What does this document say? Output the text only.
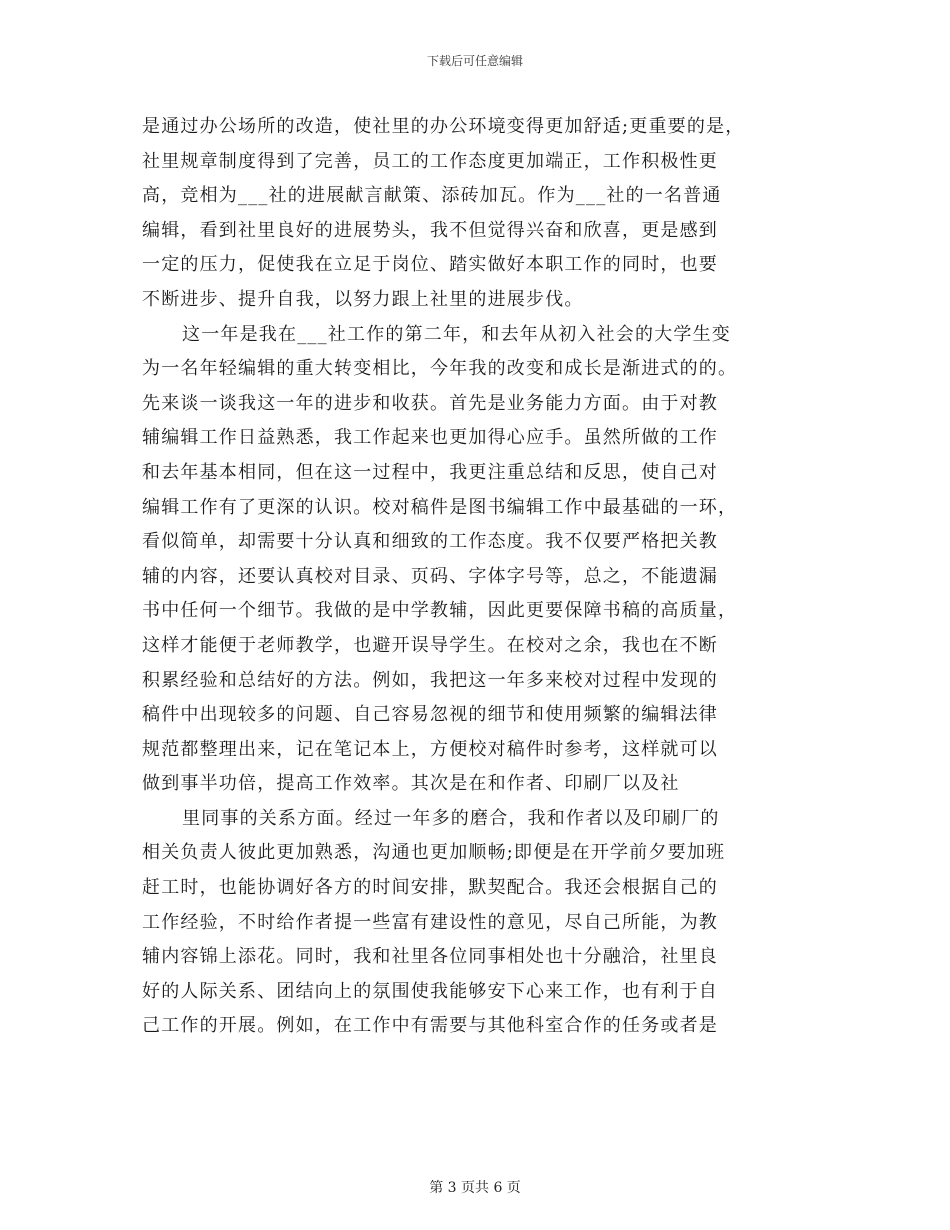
下载后可任意编辑
是通过办公场所的改造，使社里的办公环境变得更加舒适;更重要的是，
社里规章制度得到了完善，员工的工作态度更加端正，工作积极性更
高，竞相为___社的进展献言献策、添砖加瓦。作为___社的一名普通
编辑，看到社里良好的进展势头，我不但觉得兴奋和欣喜，更是感到
一定的压力，促使我在立足于岗位、踏实做好本职工作的同时，也要
不断进步、提升自我，以努力跟上社里的进展步伐。
这一年是我在___社工作的第二年，和去年从初入社会的大学生变
为一名年轻编辑的重大转变相比，今年我的改变和成长是渐进式的的。
先来谈一谈我这一年的进步和收获。首先是业务能力方面。由于对教
辅编辑工作日益熟悉，我工作起来也更加得心应手。虽然所做的工作
和去年基本相同，但在这一过程中，我更注重总结和反思，使自己对
编辑工作有了更深的认识。校对稿件是图书编辑工作中最基础的一环，
看似简单，却需要十分认真和细致的工作态度。我不仅要严格把关教
辅的内容，还要认真校对目录、页码、字体字号等，总之，不能遗漏
书中任何一个细节。我做的是中学教辅，因此更要保障书稿的高质量，
这样才能便于老师教学，也避开误导学生。在校对之余，我也在不断
积累经验和总结好的方法。例如，我把这一年多来校对过程中发现的
稿件中出现较多的问题、自己容易忽视的细节和使用频繁的编辑法律
规范都整理出来，记在笔记本上，方便校对稿件时参考，这样就可以
做到事半功倍，提高工作效率。其次是在和作者、印刷厂以及社
里同事的关系方面。经过一年多的磨合，我和作者以及印刷厂的
相关负责人彼此更加熟悉，沟通也更加顺畅;即便是在开学前夕要加班
赶工时，也能协调好各方的时间安排，默契配合。我还会根据自己的
工作经验，不时给作者提一些富有建设性的意见，尽自己所能，为教
辅内容锦上添花。同时，我和社里各位同事相处也十分融洽，社里良
好的人际关系、团结向上的氛围使我能够安下心来工作，也有利于自
己工作的开展。例如，在工作中有需要与其他科室合作的任务或者是
第 3 页共 6 页
